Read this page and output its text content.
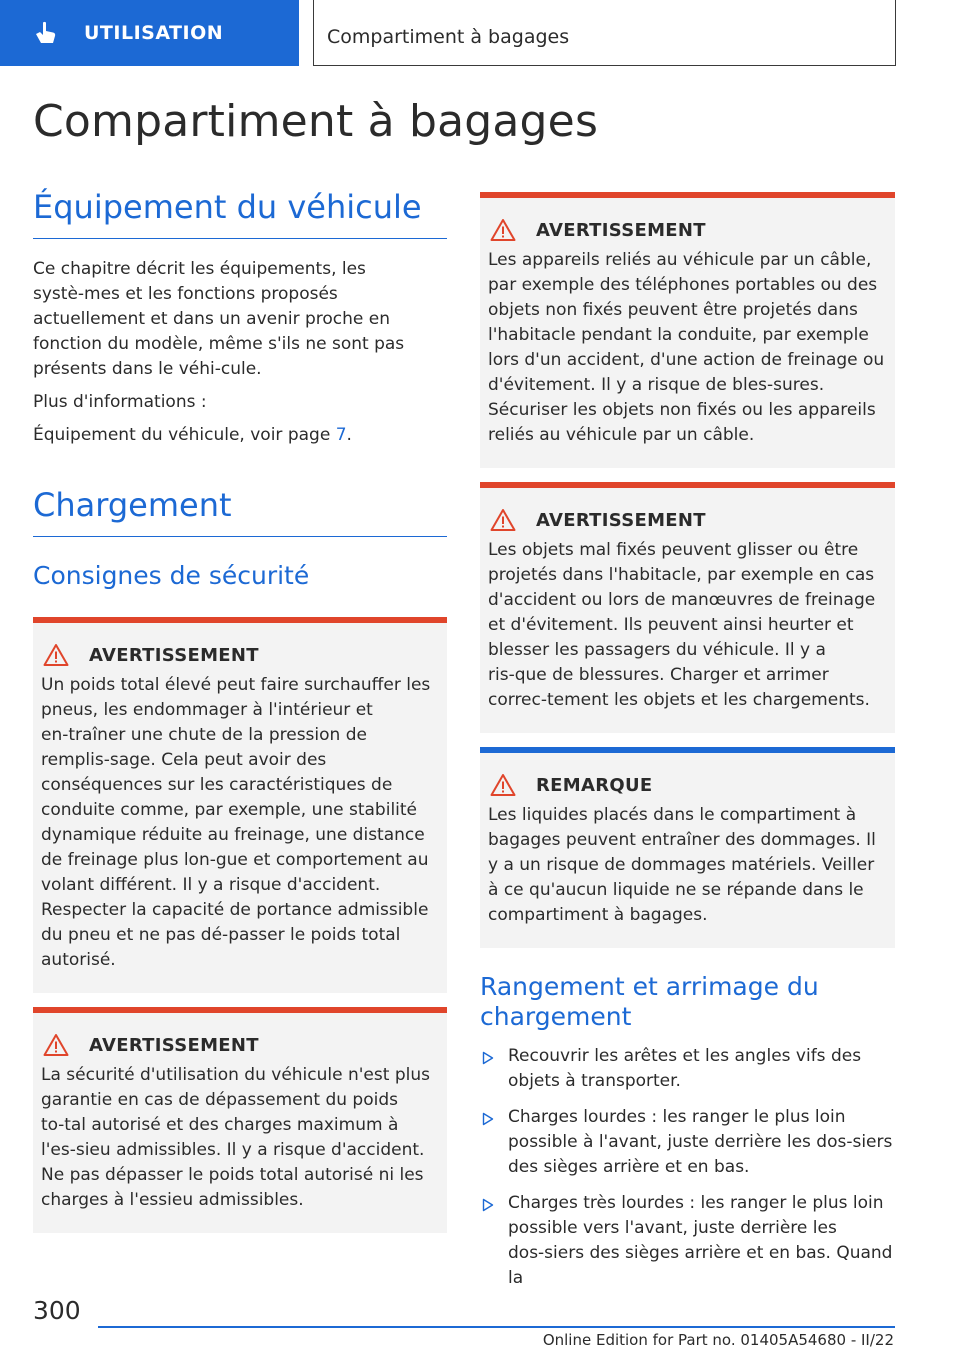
UTILISATION	Compartiment à bagages
Compartiment à bagages
Équipement du véhicule

Ce chapitre décrit les équipements, les systè‑mes et les fonctions proposés actuellement et dans un avenir proche en fonction du modèle, même s'ils ne sont pas présents dans le véhi‑cule.

Plus d'informations :

Équipement du véhicule, voir page 7.

Chargement
Consignes de sécurité
AVERTISSEMENT

Un poids total élevé peut faire surchauffer les pneus, les endommager à l'intérieur et en‑traîner une chute de la pression de remplis‑sage. Cela peut avoir des conséquences sur les caractéristiques de conduite comme, par exemple, une stabilité dynamique réduite au freinage, une distance de freinage plus lon‑gue et comportement au volant différent. Il y a risque d'accident. Respecter la capacité de portance admissible du pneu et ne pas dé‑passer le poids total autorisé.

AVERTISSEMENT

La sécurité d'utilisation du véhicule n'est plus garantie en cas de dépassement du poids to‑tal autorisé et des charges maximum à l'es‑sieu admissibles. Il y a risque d'accident. Ne pas dépasser le poids total autorisé ni les charges à l'essieu admissibles.

AVERTISSEMENT

Les appareils reliés au véhicule par un câble, par exemple des téléphones portables ou des objets non fixés peuvent être projetés dans l'habitacle pendant la conduite, par exemple lors d'un accident, d'une action de freinage ou d'évitement. Il y a risque de bles‑sures. Sécuriser les objets non fixés ou les appareils reliés au véhicule par un câble.

AVERTISSEMENT

Les objets mal fixés peuvent glisser ou être projetés dans l'habitacle, par exemple en cas d'accident ou lors de manœuvres de freinage et d'évitement. Ils peuvent ainsi heurter et blesser les passagers du véhicule. Il y a ris‑que de blessures. Charger et arrimer correc‑tement les objets et les chargements.

REMARQUE

Les liquides placés dans le compartiment à bagages peuvent entraîner des dommages. Il y a un risque de dommages matériels. Veiller à ce qu'aucun liquide ne se répande dans le compartiment à bagages.

Rangement et arrimage du chargement
Recouvrir les arêtes et les angles vifs des objets à transporter.
Charges lourdes : les ranger le plus loin possible à l'avant, juste derrière les dos‑siers des sièges arrière et en bas.
Charges très lourdes : les ranger le plus loin possible vers l'avant, juste derrière les dos‑siers des sièges arrière et en bas. Quand la
300
Online Edition for Part no. 01405A54680 - II/22
